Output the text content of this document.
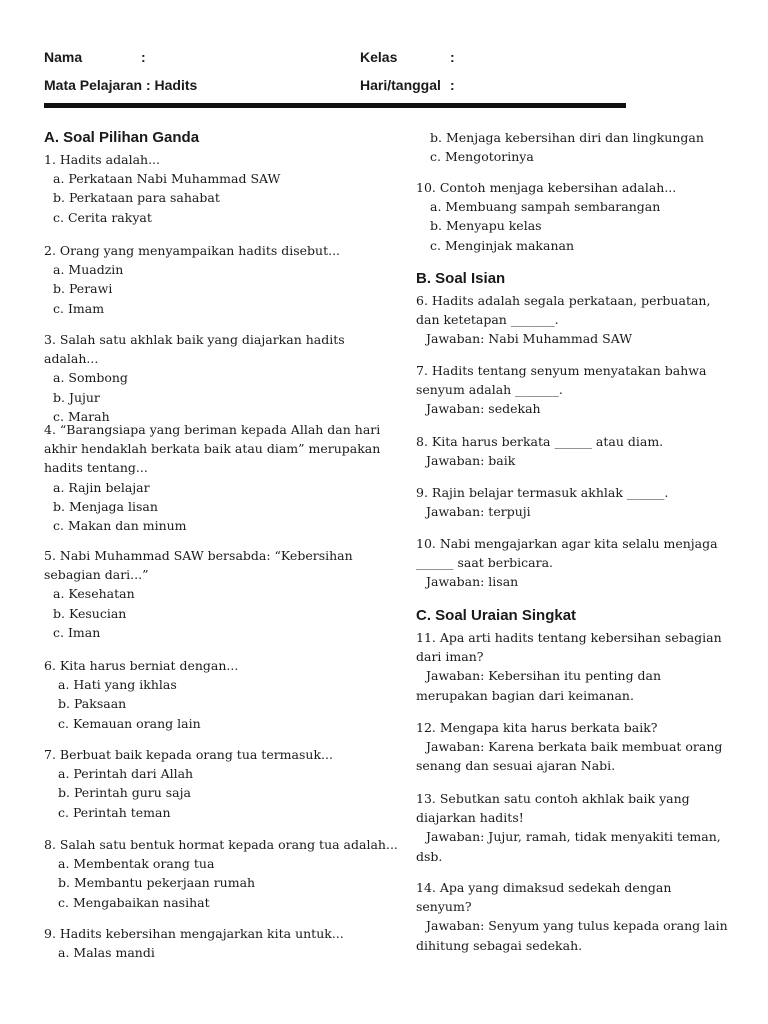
Nama	:	Kelas	:
Mata Pelajaran : Hadits	Hari/tanggal :
A. Soal Pilihan Ganda
1. Hadits adalah...
a. Perkataan Nabi Muhammad SAW
b. Perkataan para sahabat
c. Cerita rakyat
2. Orang yang menyampaikan hadits disebut...
a. Muadzin
b. Perawi
c. Imam
3. Salah satu akhlak baik yang diajarkan hadits adalah...
a. Sombong
b. Jujur
c. Marah
4. “Barangsiapa yang beriman kepada Allah dan hari akhir hendaklah berkata baik atau diam” merupakan hadits tentang...
a. Rajin belajar
b. Menjaga lisan
c. Makan dan minum
5. Nabi Muhammad SAW bersabda: “Kebersihan sebagian dari...”
a. Kesehatan
b. Kesucian
c. Iman
6. Kita harus berniat dengan...
a. Hati yang ikhlas
b. Paksaan
c. Kemauan orang lain
7. Berbuat baik kepada orang tua termasuk...
a. Perintah dari Allah
b. Perintah guru saja
c. Perintah teman
8. Salah satu bentuk hormat kepada orang tua adalah...
a. Membentak orang tua
b. Membantu pekerjaan rumah
c. Mengabaikan nasihat
9. Hadits kebersihan mengajarkan kita untuk...
a. Malas mandi
b. Menjaga kebersihan diri dan lingkungan
c. Mengotorinya
10. Contoh menjaga kebersihan adalah...
a. Membuang sampah sembarangan
b. Menyapu kelas
c. Menginjak makanan
B. Soal Isian
6. Hadits adalah segala perkataan, perbuatan, dan ketetapan _______.
Jawaban: Nabi Muhammad SAW
7. Hadits tentang senyum menyatakan bahwa senyum adalah _______.
Jawaban: sedekah
8. Kita harus berkata ______ atau diam.
Jawaban: baik
9. Rajin belajar termasuk akhlak ______.
Jawaban: terpuji
10. Nabi mengajarkan agar kita selalu menjaga ______ saat berbicara.
Jawaban: lisan
C. Soal Uraian Singkat
11. Apa arti hadits tentang kebersihan sebagian dari iman?
Jawaban: Kebersihan itu penting dan merupakan bagian dari keimanan.
12. Mengapa kita harus berkata baik?
Jawaban: Karena berkata baik membuat orang senang dan sesuai ajaran Nabi.
13. Sebutkan satu contoh akhlak baik yang diajarkan hadits!
Jawaban: Jujur, ramah, tidak menyakiti teman, dsb.
14. Apa yang dimaksud sedekah dengan senyum?
Jawaban: Senyum yang tulus kepada orang lain dihitung sebagai sedekah.
